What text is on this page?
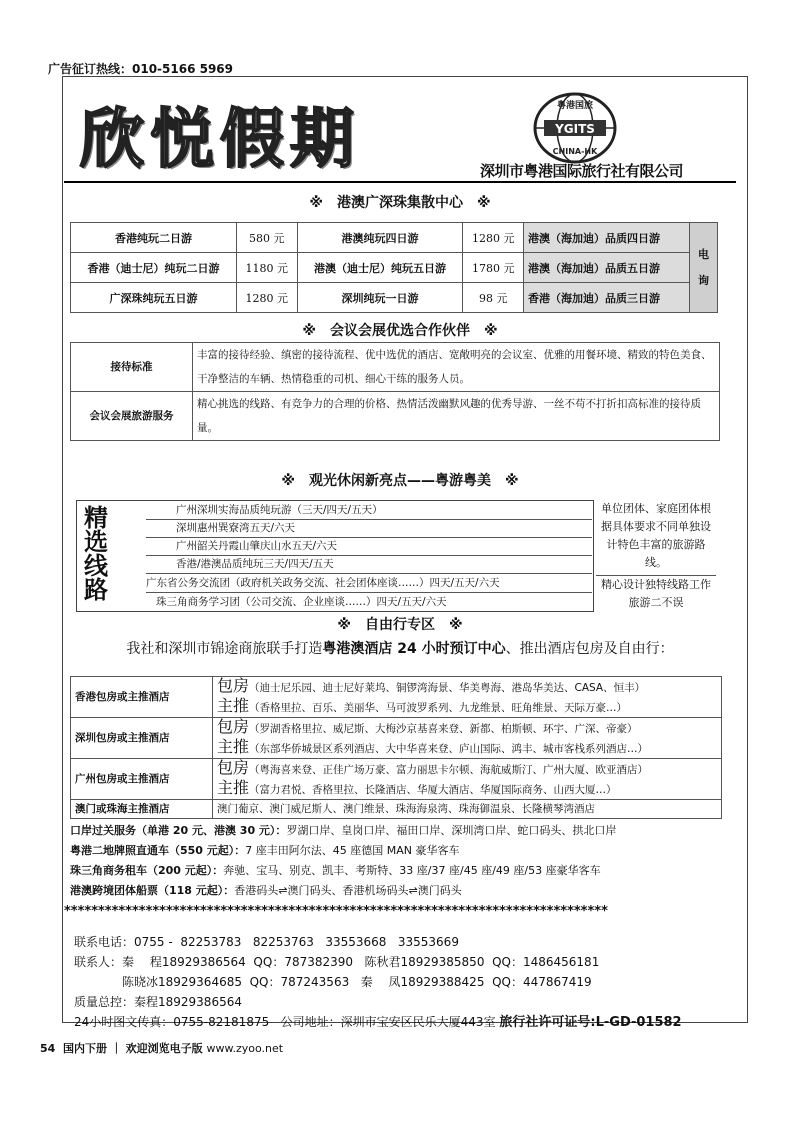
广告征订热线：010-5166 5969
欣悦假期	YGITS
粤港国旅
CHINA-HK
深圳市粤港国际旅行社有限公司
※　港澳广深珠集散中心　※
香港纯玩二日游	580 元	港澳纯玩四日游	1280 元	港澳（海加迪）品质四日游	电询
香港（迪士尼）纯玩二日游	1180 元	港澳（迪士尼）纯玩五日游	1780 元	港澳（海加迪）品质五日游	
广深珠纯玩五日游	1280 元	深圳纯玩一日游	98 元	香港（海加迪）品质三日游	
※　会议会展优选合作伙伴　※
接待标准	丰富的接待经验、缜密的接待流程、优中选优的酒店、宽敞明亮的会议室、优雅的用餐环境、精致的特色美食、干净整洁的车辆、热情稳重的司机、细心干练的服务人员。
会议会展旅游服务	精心挑选的线路、有竞争力的合理的价格、热情活泼幽默风趣的优秀导游、一丝不苟不打折扣高标准的接待质量。
※　观光休闲新亮点——粤游粤美　※
精选线路
广州深圳实海品质纯玩游（三天/四天/五天）
深圳惠州巽寮湾五天/六天
广州韶关丹霞山肇庆山水五天/六天
香港/港澳品质纯玩三天/四天/五天
广东省公务交流团（政府机关政务交流、社会团体座谈……）四天/五天/六天
珠三角商务学习团（公司交流、企业座谈……）四天/五天/六天
单位团体、家庭团体根据具体要求不同单独设计特色丰富的旅游路线。
精心设计独特线路工作旅游二不误
※　自由行专区　※
我社和深圳市锦途商旅联手打造粤港澳酒店 24 小时预订中心、推出酒店包房及自由行：
香港包房或主推酒店	包房（迪士尼乐园、迪士尼好莱坞、铜锣湾海景、华美粤海、港岛华美达、CASA、恒丰）
主推（香格里拉、百乐、美丽华、马可波罗系列、九龙维景、旺角维景、天际万豪…）

深圳包房或主推酒店	包房（罗湖香格里拉、威尼斯、大梅沙京基喜来登、新都、柏斯顿、环宇、广深、帝豪）
主推（东部华侨城景区系列酒店、大中华喜来登、庐山国际、鸿丰、城市客栈系列酒店…）

广州包房或主推酒店	包房（粤海喜来登、正佳广场万豪、富力丽思卡尔顿、海航威斯汀、广州大厦、欧亚酒店）
主推（富力君悦、香格里拉、长隆酒店、华厦大酒店、华厦国际商务、山西大厦…）

澳门或珠海主推酒店	澳门葡京、澳门威尼斯人、澳门维景、珠海海泉湾、珠海御温泉、长隆横琴湾酒店
口岸过关服务（单港 20 元、港澳 30 元）：罗湖口岸、皇岗口岸、福田口岸、深圳湾口岸、蛇口码头、拱北口岸
粤港二地牌照直通车（550 元起）：7 座丰田阿尔法、45 座德国 MAN 豪华客车
珠三角商务租车（200 元起）：奔驰、宝马、别克、凯丰、考斯特、33 座/37 座/45 座/49 座/53 座豪华客车
港澳跨境团体船票（118 元起）：香港码头⇌澳门码头、香港机场码头⇌澳门码头
********************************************************************************
联系电话：0755 -  82253783   82253763   33553668   33553669
联系人：秦　 程18929386564  QQ：787382390   陈秋君18929385850  QQ：1486456181
　　　　陈晓冰18929364685  QQ：787243563   秦　 凤18929388425  QQ：447867419
质量总控：秦程18929386564
24小时图文传真：0755-82181875   公司地址：深圳市宝安区民乐大厦443室 旅行社许可证号:L-GD-01582
54 国内下册 ｜ 欢迎浏览电子版 www.zyoo.net
